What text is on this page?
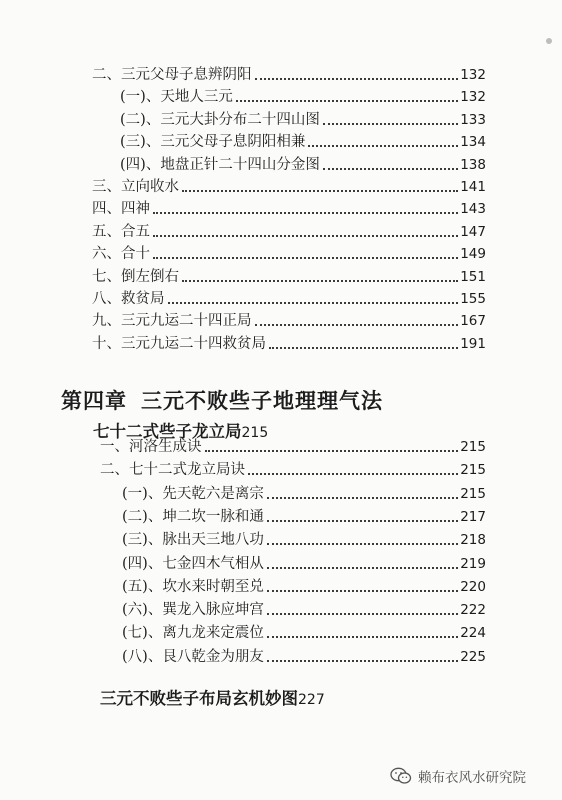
二、三元父母子息辨阴阳	132
(一)、天地人三元	132
(二)、三元大卦分布二十四山图	133
(三)、三元父母子息阴阳相兼	134
(四)、地盘正针二十四山分金图	138
三、立向收水	141
四、四神	143
五、合五	147
六、合十	149
七、倒左倒右	151
八、救贫局	155
九、三元九运二十四正局	167
十、三元九运二十四救贫局	191
第四章 三元不败些子地理理气法
七十二式些子龙立局215
一、河洛生成诀	215
二、七十二式龙立局诀	215
(一)、先天乾六是离宗	215
(二)、坤二坎一脉和通	217
(三)、脉出天三地八功	218
(四)、七金四木气相从	219
(五)、坎水来时朝至兑	220
(六)、巽龙入脉应坤宫	222
(七)、离九龙来定震位	224
(八)、艮八乾金为朋友	225
三元不败些子布局玄机妙图227
赖布衣风水研究院
